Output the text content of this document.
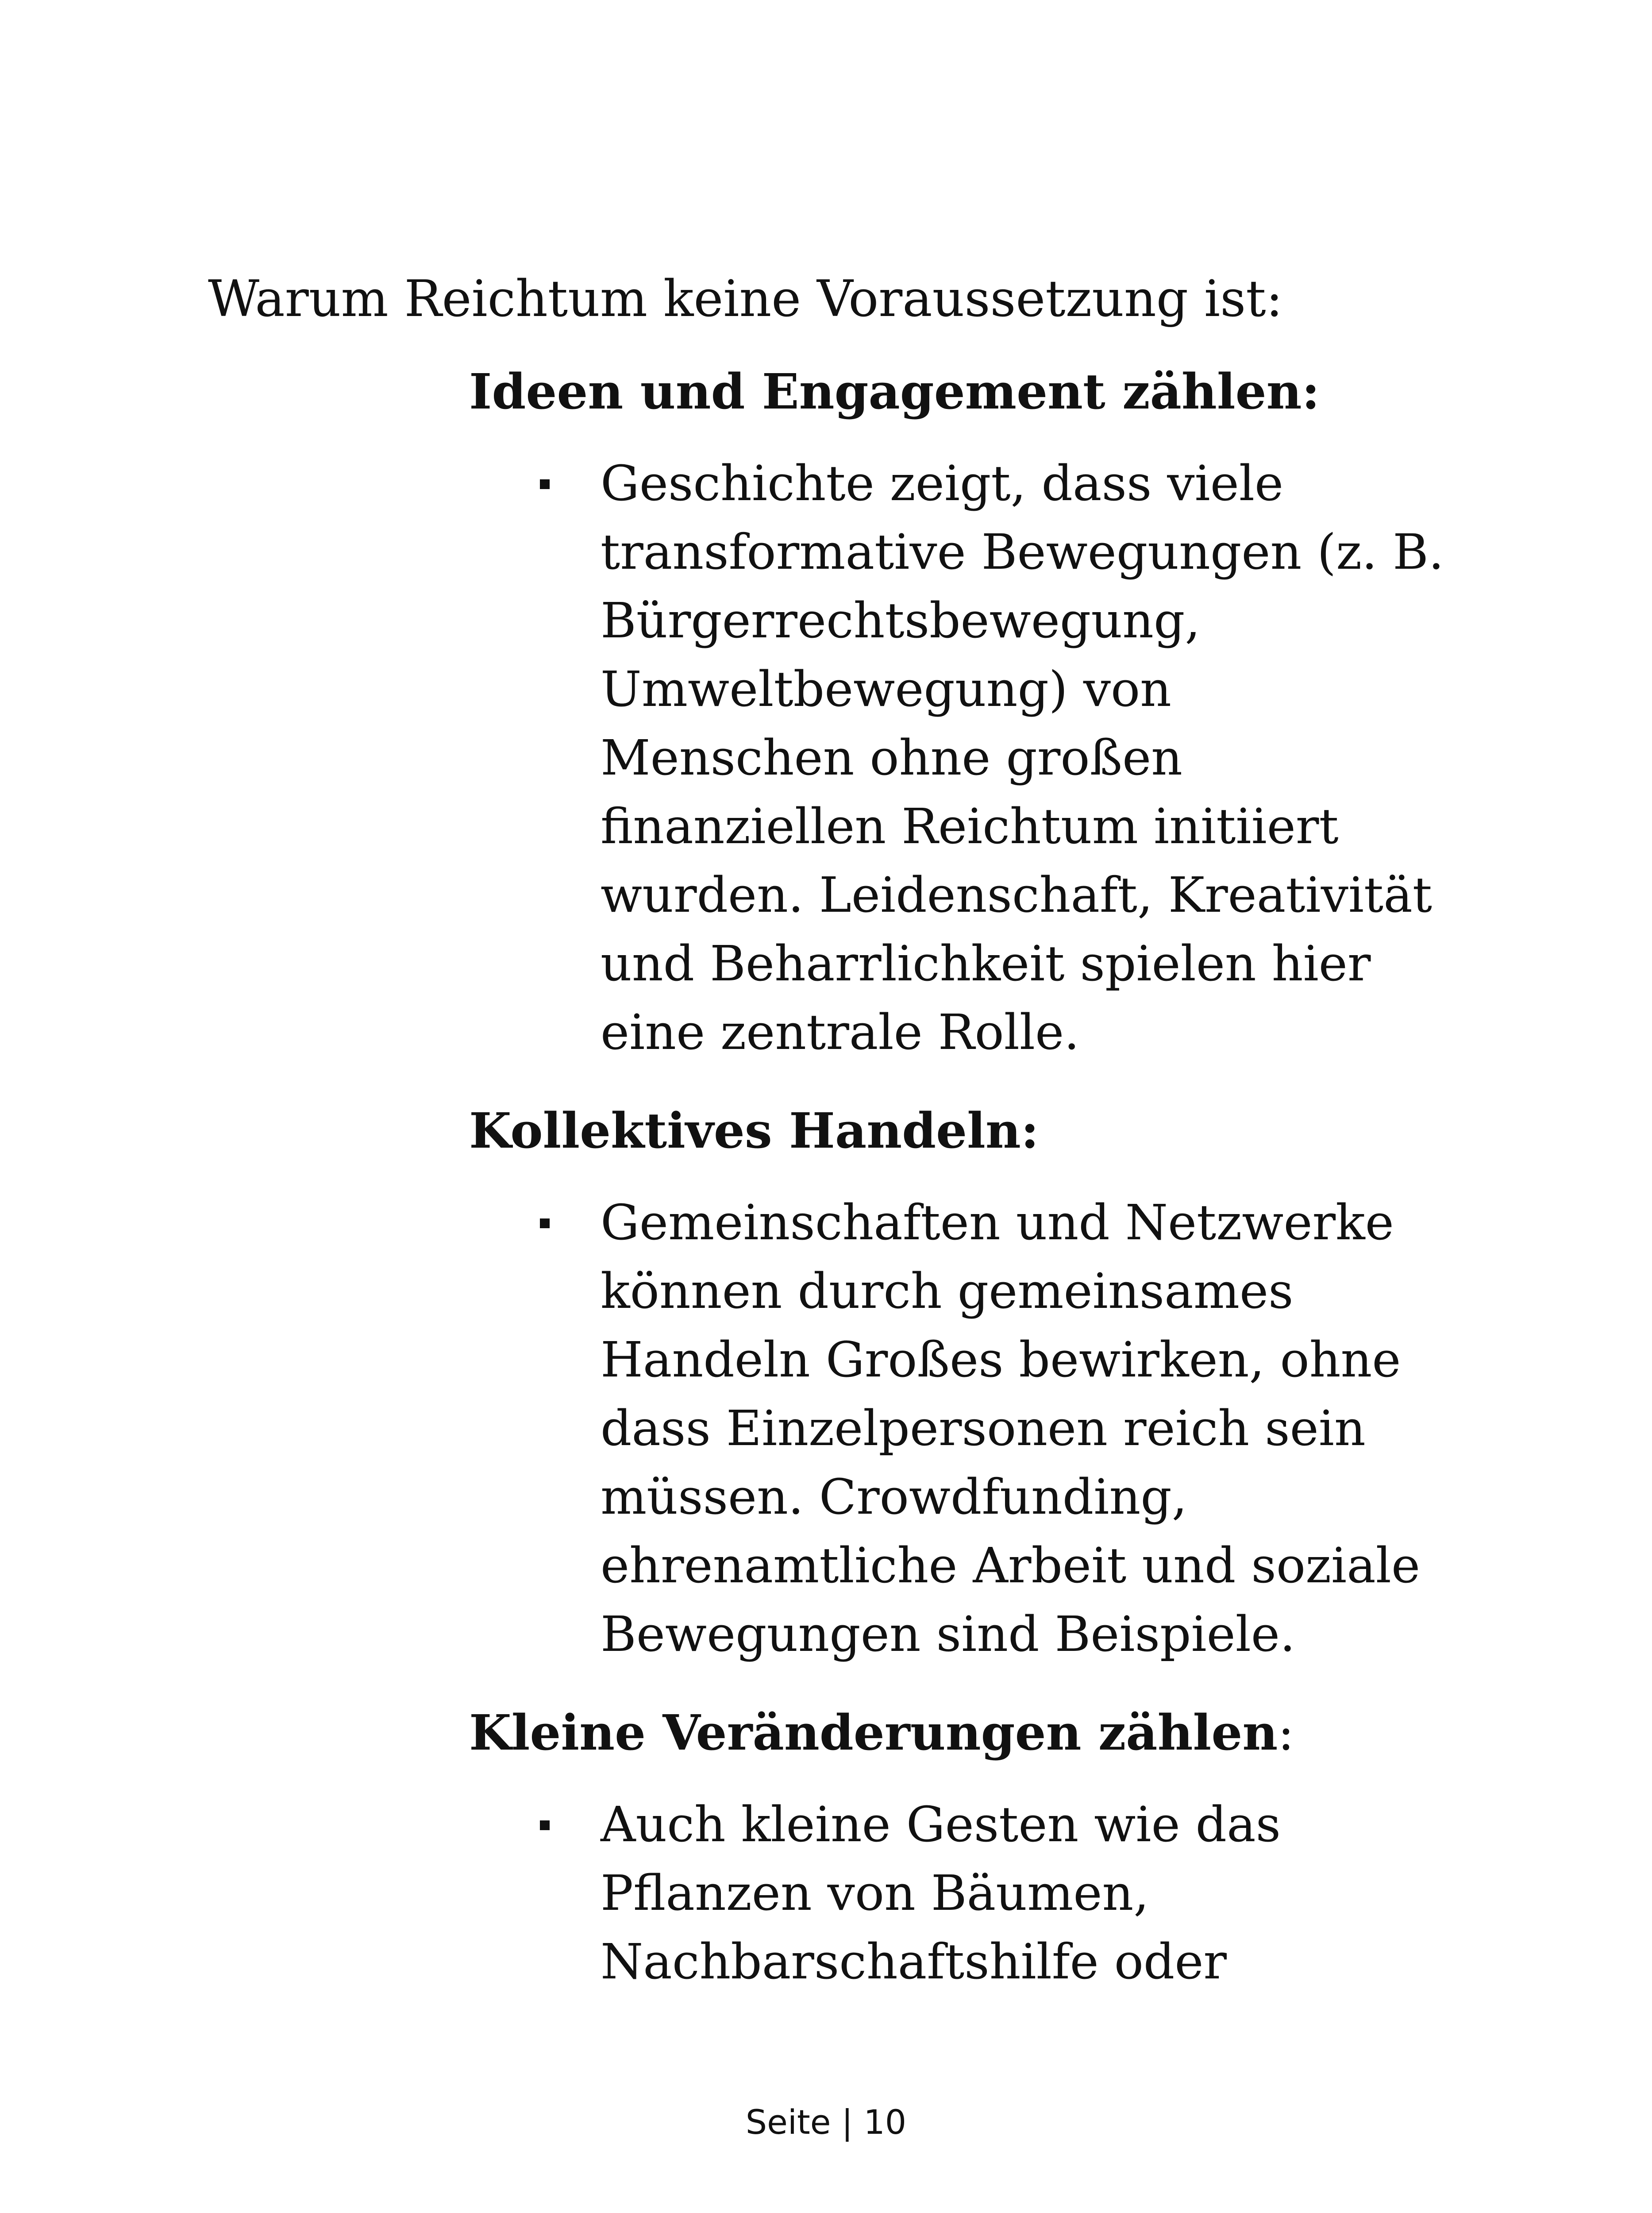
Warum Reichtum keine Voraussetzung ist:
Ideen und Engagement zählen:
Geschichte zeigt, dass viele
transformative Bewegungen (z. B.
Bürgerrechtsbewegung,
Umweltbewegung) von
Menschen ohne großen
finanziellen Reichtum initiiert
wurden. Leidenschaft, Kreativität
und Beharrlichkeit spielen hier
eine zentrale Rolle.
Kollektives Handeln:
Gemeinschaften und Netzwerke
können durch gemeinsames
Handeln Großes bewirken, ohne
dass Einzelpersonen reich sein
müssen. Crowdfunding,
ehrenamtliche Arbeit und soziale
Bewegungen sind Beispiele.
Kleine Veränderungen zählen:
Auch kleine Gesten wie das
Pflanzen von Bäumen,
Nachbarschaftshilfe oder
Seite | 10
